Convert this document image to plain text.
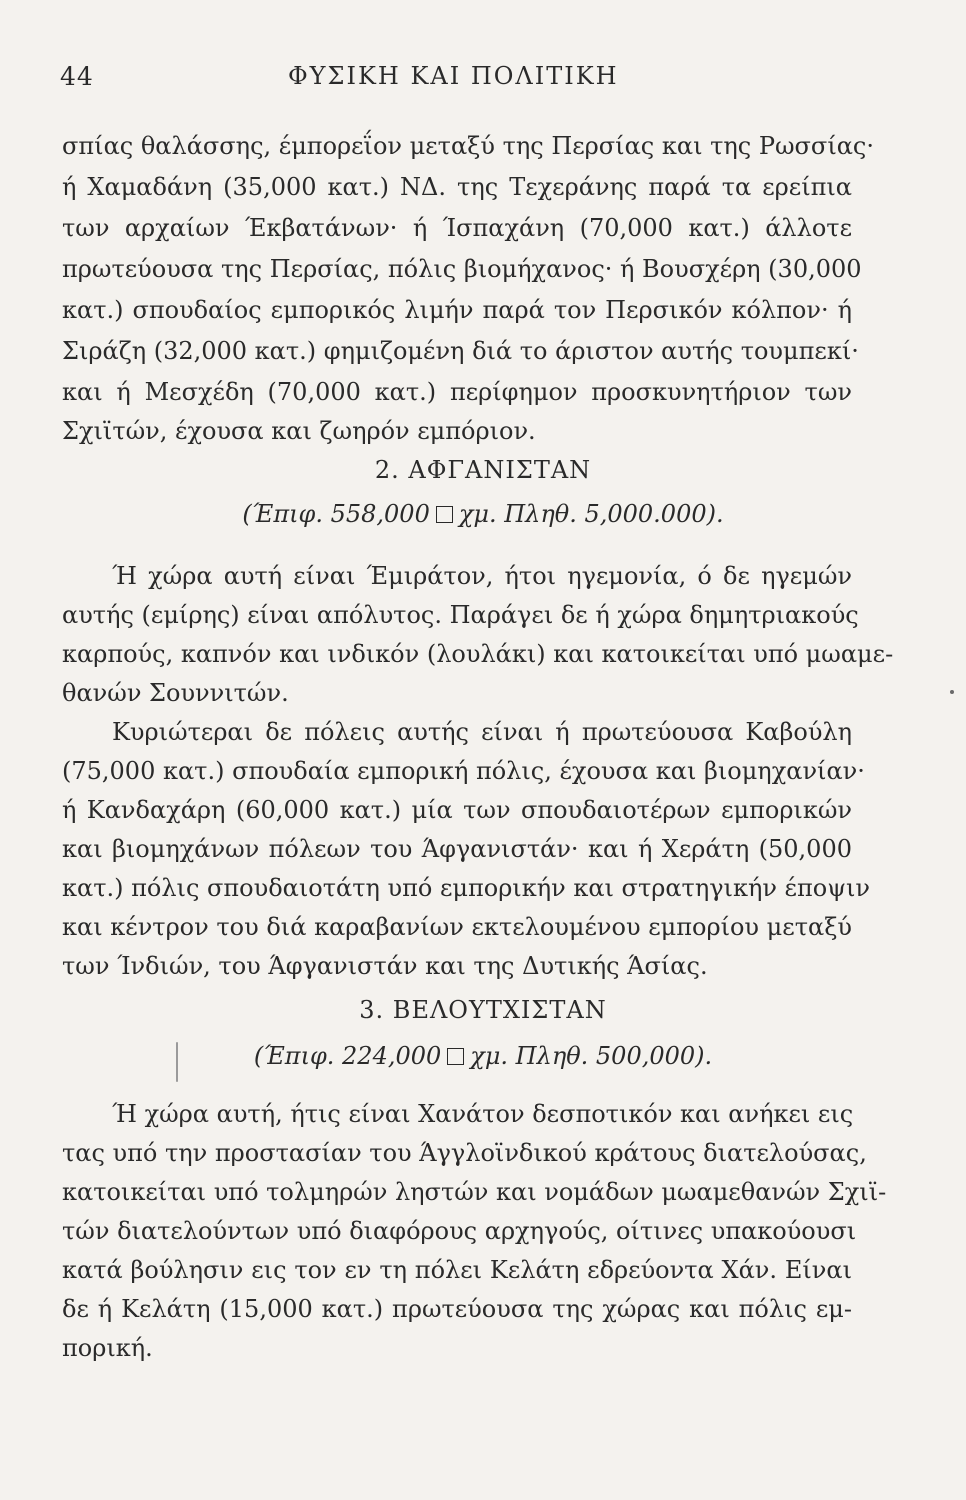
44	ΦΥΣΙΚΗ ΚΑΙ ΠΟΛΙΤΙΚΗ
σπίας θαλάσσης, έμπορεΐον μεταξύ της Περσίας και της Ρωσσίας·
ή Χαμαδάνη (35,000 κατ.) ΝΔ. της Τεχεράνης παρά τα ερείπια
των αρχαίων Έκβατάνων· ή Ίσπαχάνη (70,000 κατ.) άλλοτε
πρωτεύουσα της Περσίας, πόλις βιομήχανος· ή Βουσχέρη (30,000
κατ.) σπουδαίος εμπορικός λιμήν παρά τον Περσικόν κόλπον· ή
Σιράζη (32,000 κατ.) φημιζομένη διά το άριστον αυτής τουμπεκί·
και ή Μεσχέδη (70,000 κατ.) περίφημον προσκυνητήριον των
Σχιϊτών, έχουσα και ζωηρόν εμπόριον.
2. ΑΦΓΑΝΙΣΤΑΝ
(Έπιφ. 558,000 χμ. Πληθ. 5,000.000).
Ή χώρα αυτή είναι Έμιράτον, ήτοι ηγεμονία, ό δε ηγεμών
αυτής (εμίρης) είναι απόλυτος. Παράγει δε ή χώρα δημητριακούς
καρπούς, καπνόν και ινδικόν (λουλάκι) και κατοικείται υπό μωαμε-
θανών Σουννιτών.
Κυριώτεραι δε πόλεις αυτής είναι ή πρωτεύουσα Καβούλη
(75,000 κατ.) σπουδαία εμπορική πόλις, έχουσα και βιομηχανίαν·
ή Κανδαχάρη (60,000 κατ.) μία των σπουδαιοτέρων εμπορικών
και βιομηχάνων πόλεων του Άφγανιστάν· και ή Χεράτη (50,000
κατ.) πόλις σπουδαιοτάτη υπό εμπορικήν και στρατηγικήν έποψιν
και κέντρον του διά καραβανίων εκτελουμένου εμπορίου μεταξύ
των Ίνδιών, του Άφγανιστάν και της Δυτικής Άσίας.
3. ΒΕΛΟΥΤΧΙΣΤΑΝ
(Έπιφ. 224,000 χμ. Πληθ. 500,000).
Ή χώρα αυτή, ήτις είναι Χανάτον δεσποτικόν και ανήκει εις
τας υπό την προστασίαν του Άγγλοϊνδικού κράτους διατελούσας,
κατοικείται υπό τολμηρών ληστών και νομάδων μωαμεθανών Σχιϊ-
τών διατελούντων υπό διαφόρους αρχηγούς, οίτινες υπακούουσι
κατά βούλησιν εις τον εν τη πόλει Κελάτη εδρεύοντα Χάν. Είναι
δε ή Κελάτη (15,000 κατ.) πρωτεύουσα της χώρας και πόλις εμ-
πορική.
